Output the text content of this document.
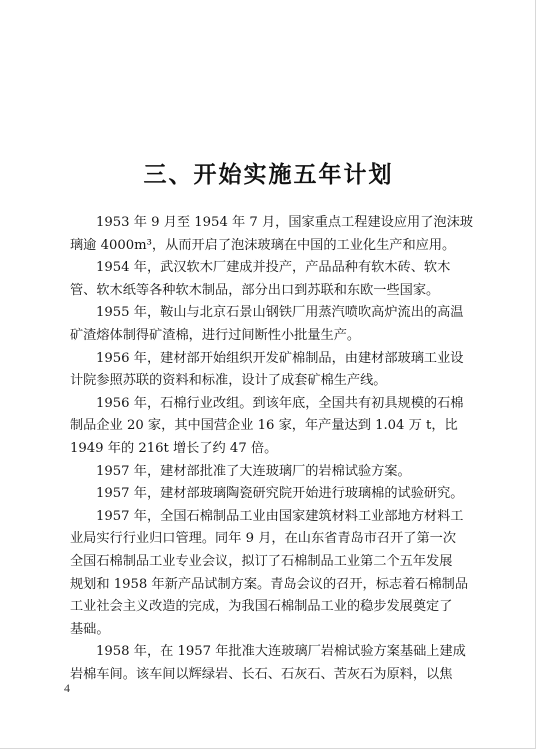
三、开始实施五年计划

1953 年 9 月至 1954 年 7 月，国家重点工程建设应用了泡沫玻
璃逾 4000m³，从而开启了泡沫玻璃在中国的工业化生产和应用。

1954 年，武汉软木厂建成并投产，产品品种有软木砖、软木
管、软木纸等各种软木制品，部分出口到苏联和东欧一些国家。

1955 年，鞍山与北京石景山钢铁厂用蒸汽喷吹高炉流出的高温
矿渣熔体制得矿渣棉，进行过间断性小批量生产。

1956 年，建材部开始组织开发矿棉制品，由建材部玻璃工业设
计院参照苏联的资料和标准，设计了成套矿棉生产线。

1956 年，石棉行业改组。到该年底，全国共有初具规模的石棉
制品企业 20 家，其中国营企业 16 家，年产量达到 1.04 万 t，比
1949 年的 216t 增长了约 47 倍。

1957 年，建材部批准了大连玻璃厂的岩棉试验方案。

1957 年，建材部玻璃陶瓷研究院开始进行玻璃棉的试验研究。

1957 年，全国石棉制品工业由国家建筑材料工业部地方材料工
业局实行行业归口管理。同年 9 月，在山东省青岛市召开了第一次
全国石棉制品工业专业会议，拟订了石棉制品工业第二个五年发展
规划和 1958 年新产品试制方案。青岛会议的召开，标志着石棉制品
工业社会主义改造的完成，为我国石棉制品工业的稳步发展奠定了
基础。

1958 年，在 1957 年批准大连玻璃厂岩棉试验方案基础上建成
岩棉车间。该车间以辉绿岩、长石、石灰石、苦灰石为原料，以焦

4
